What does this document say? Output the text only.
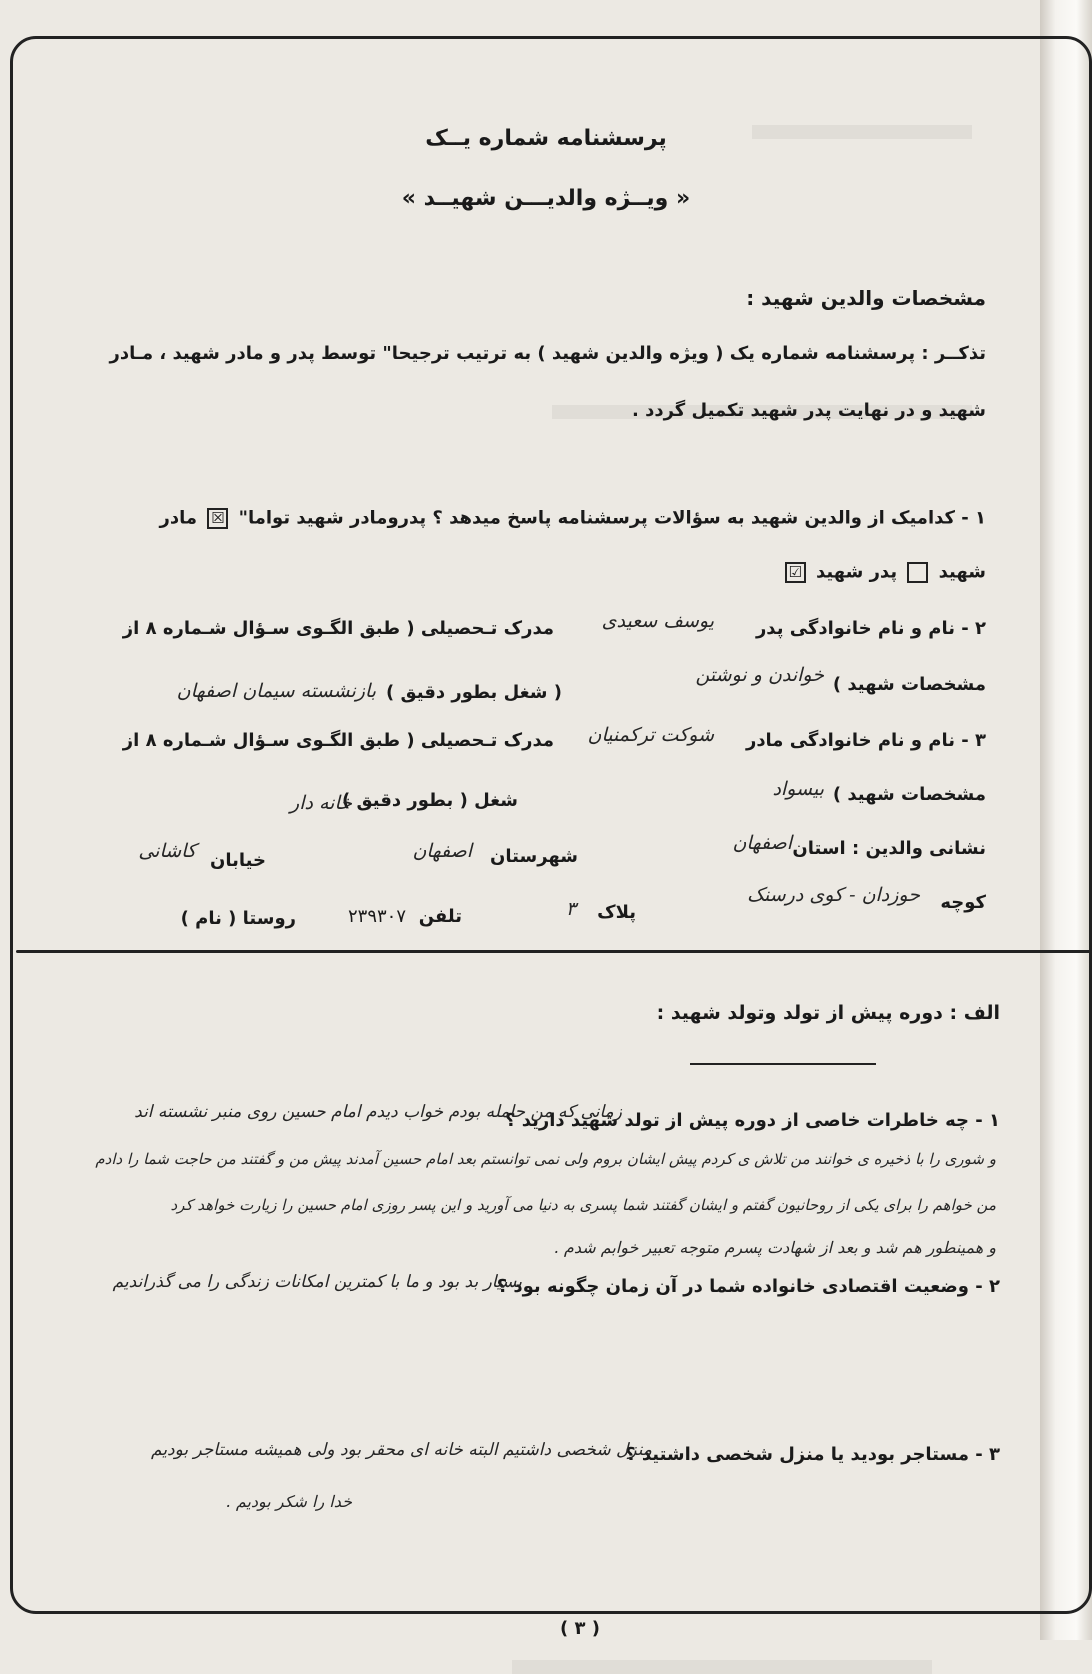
پرسشنامه شماره یــک
« ویــژه والدیـــن شهیــد »
مشخصات والدین شهید :
تذکــر : پرسشنامه شماره یک ( ویژه والدین شهید ) به ترتیب ترجیحا" توسط پدر و مادر شهید ، مـادر
شهید و در نهایت پدر شهید تکمیل گردد .
۱ - کدامیک از والدین شهید به سؤالات پرسشنامه پاسخ میدهد ؟ پدرومادر شهید تواما" ☒ مادر
شهید  پدر شهید ☑
۲ - نام و نام خانوادگی پدر
یوسف سعیدی
مدرک تـحصیلی ( طبق الگـوی سـؤال شـماره ۸ از
مشخصات شهید )
خواندن و نوشتن
( شغل بطور دقیق )
بازنشسته سیمان اصفهان
۳ - نام و نام خانوادگی مادر
شوکت ترکمنیان
مدرک تـحصیلی ( طبق الگـوی سـؤال شـماره ۸ از
مشخصات شهید )
بیسواد
شغل ( بطور دقیق )
خانه دار
نشانی والدین : استان
اصفهان
شهرستان
اصفهان
خیابان
کاشانی
کوچه
حوزدان - کوی درسنک
پلاک
۳
تلفن
۲۳۹۳۰۷
روستا ( نام )
الف : دوره پیش از تولد وتولد شهید :
۱ - چه خاطرات خاصی از دوره پیش از تولد شهید دارید ؟
زمانی که من حامله بودم خواب دیدم امام حسین روی منبر نشسته اند
و شوری را با ذخیره ی خوانند من تلاش ی کردم پیش ایشان بروم ولی نمی توانستم بعد امام حسین آمدند پیش من و گفتند من حاجت شما را دادم
من خواهم را برای یکی از روحانیون گفتم و ایشان گفتند شما پسری به دنیا می آورید و این پسر روزی امام حسین را زیارت خواهد کرد
و همینطور هم شد و بعد از شهادت پسرم متوجه تعبیر خوابم شدم .
۲ - وضعیت اقتصادی خانواده شما در آن زمان چگونه بود ؟
بسیار بد بود و ما با کمترین امکانات زندگی را می گذراندیم
۳ - مستاجر بودید یا منزل شخصی داشتید ؟
منزل شخصی داشتیم البته خانه ای محقر بود ولی همیشه مستاجر بودیم
خدا را شکر بودیم .
( ۳ )
